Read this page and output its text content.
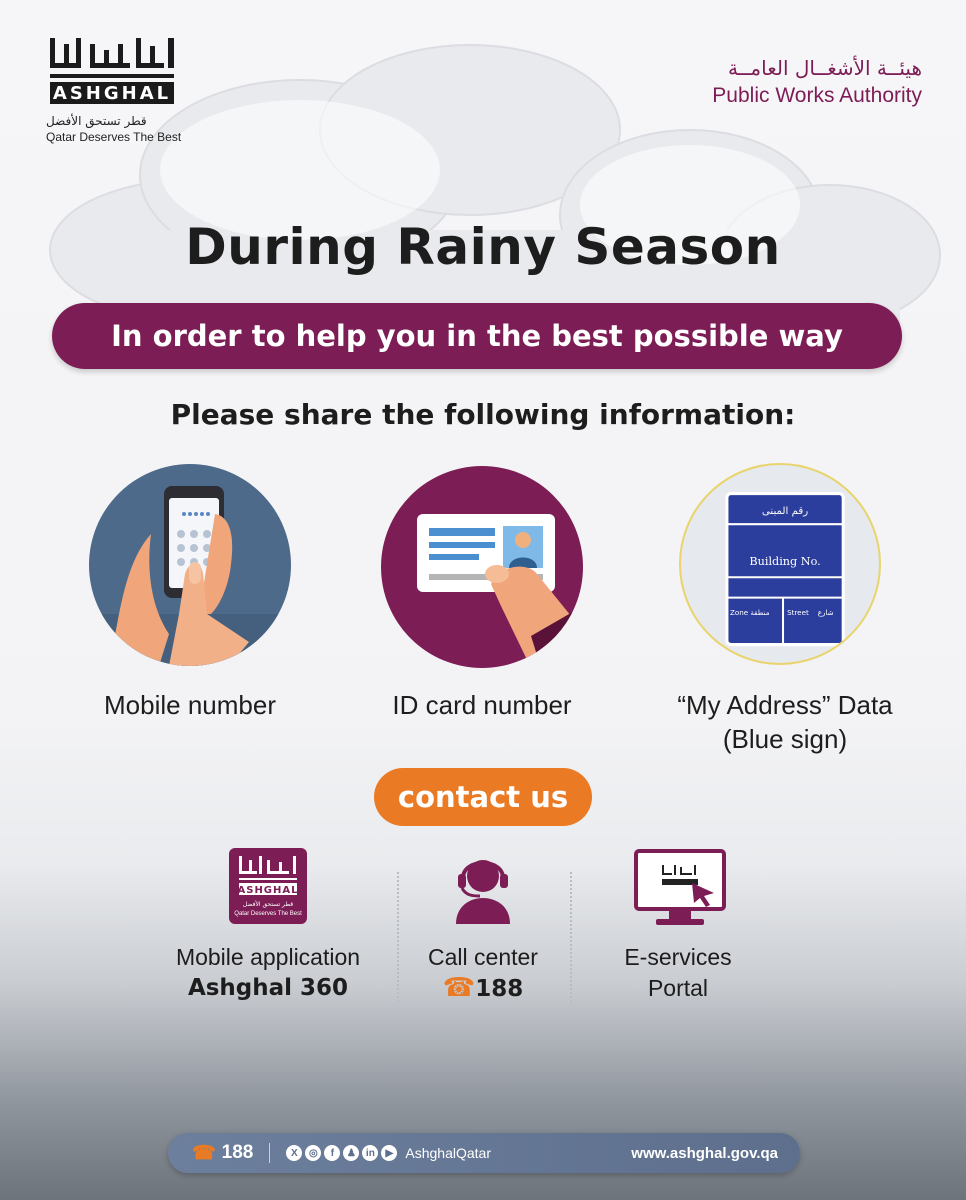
ASHGHAL
قطر تستحق الأفضل
Qatar Deserves The Best
هيئــة الأشغــال العامــة
Public Works Authority
During Rainy Season
In order to help you in the best possible way
Please share the following information:
رقم المبنى
Building No.
Zone منطقة Street شارع
Mobile number	ID card number	“My Address” Data
(Blue sign)
contact us
ASHGHAL
قطر تستحق الأفضل
Qatar Deserves The Best
Mobile application
Ashghal 360
Call center
☎188
E-services
Portal
☎ 188	X	◎	f	♟	in	▶ AshghalQatar	www.ashghal.gov.qa
